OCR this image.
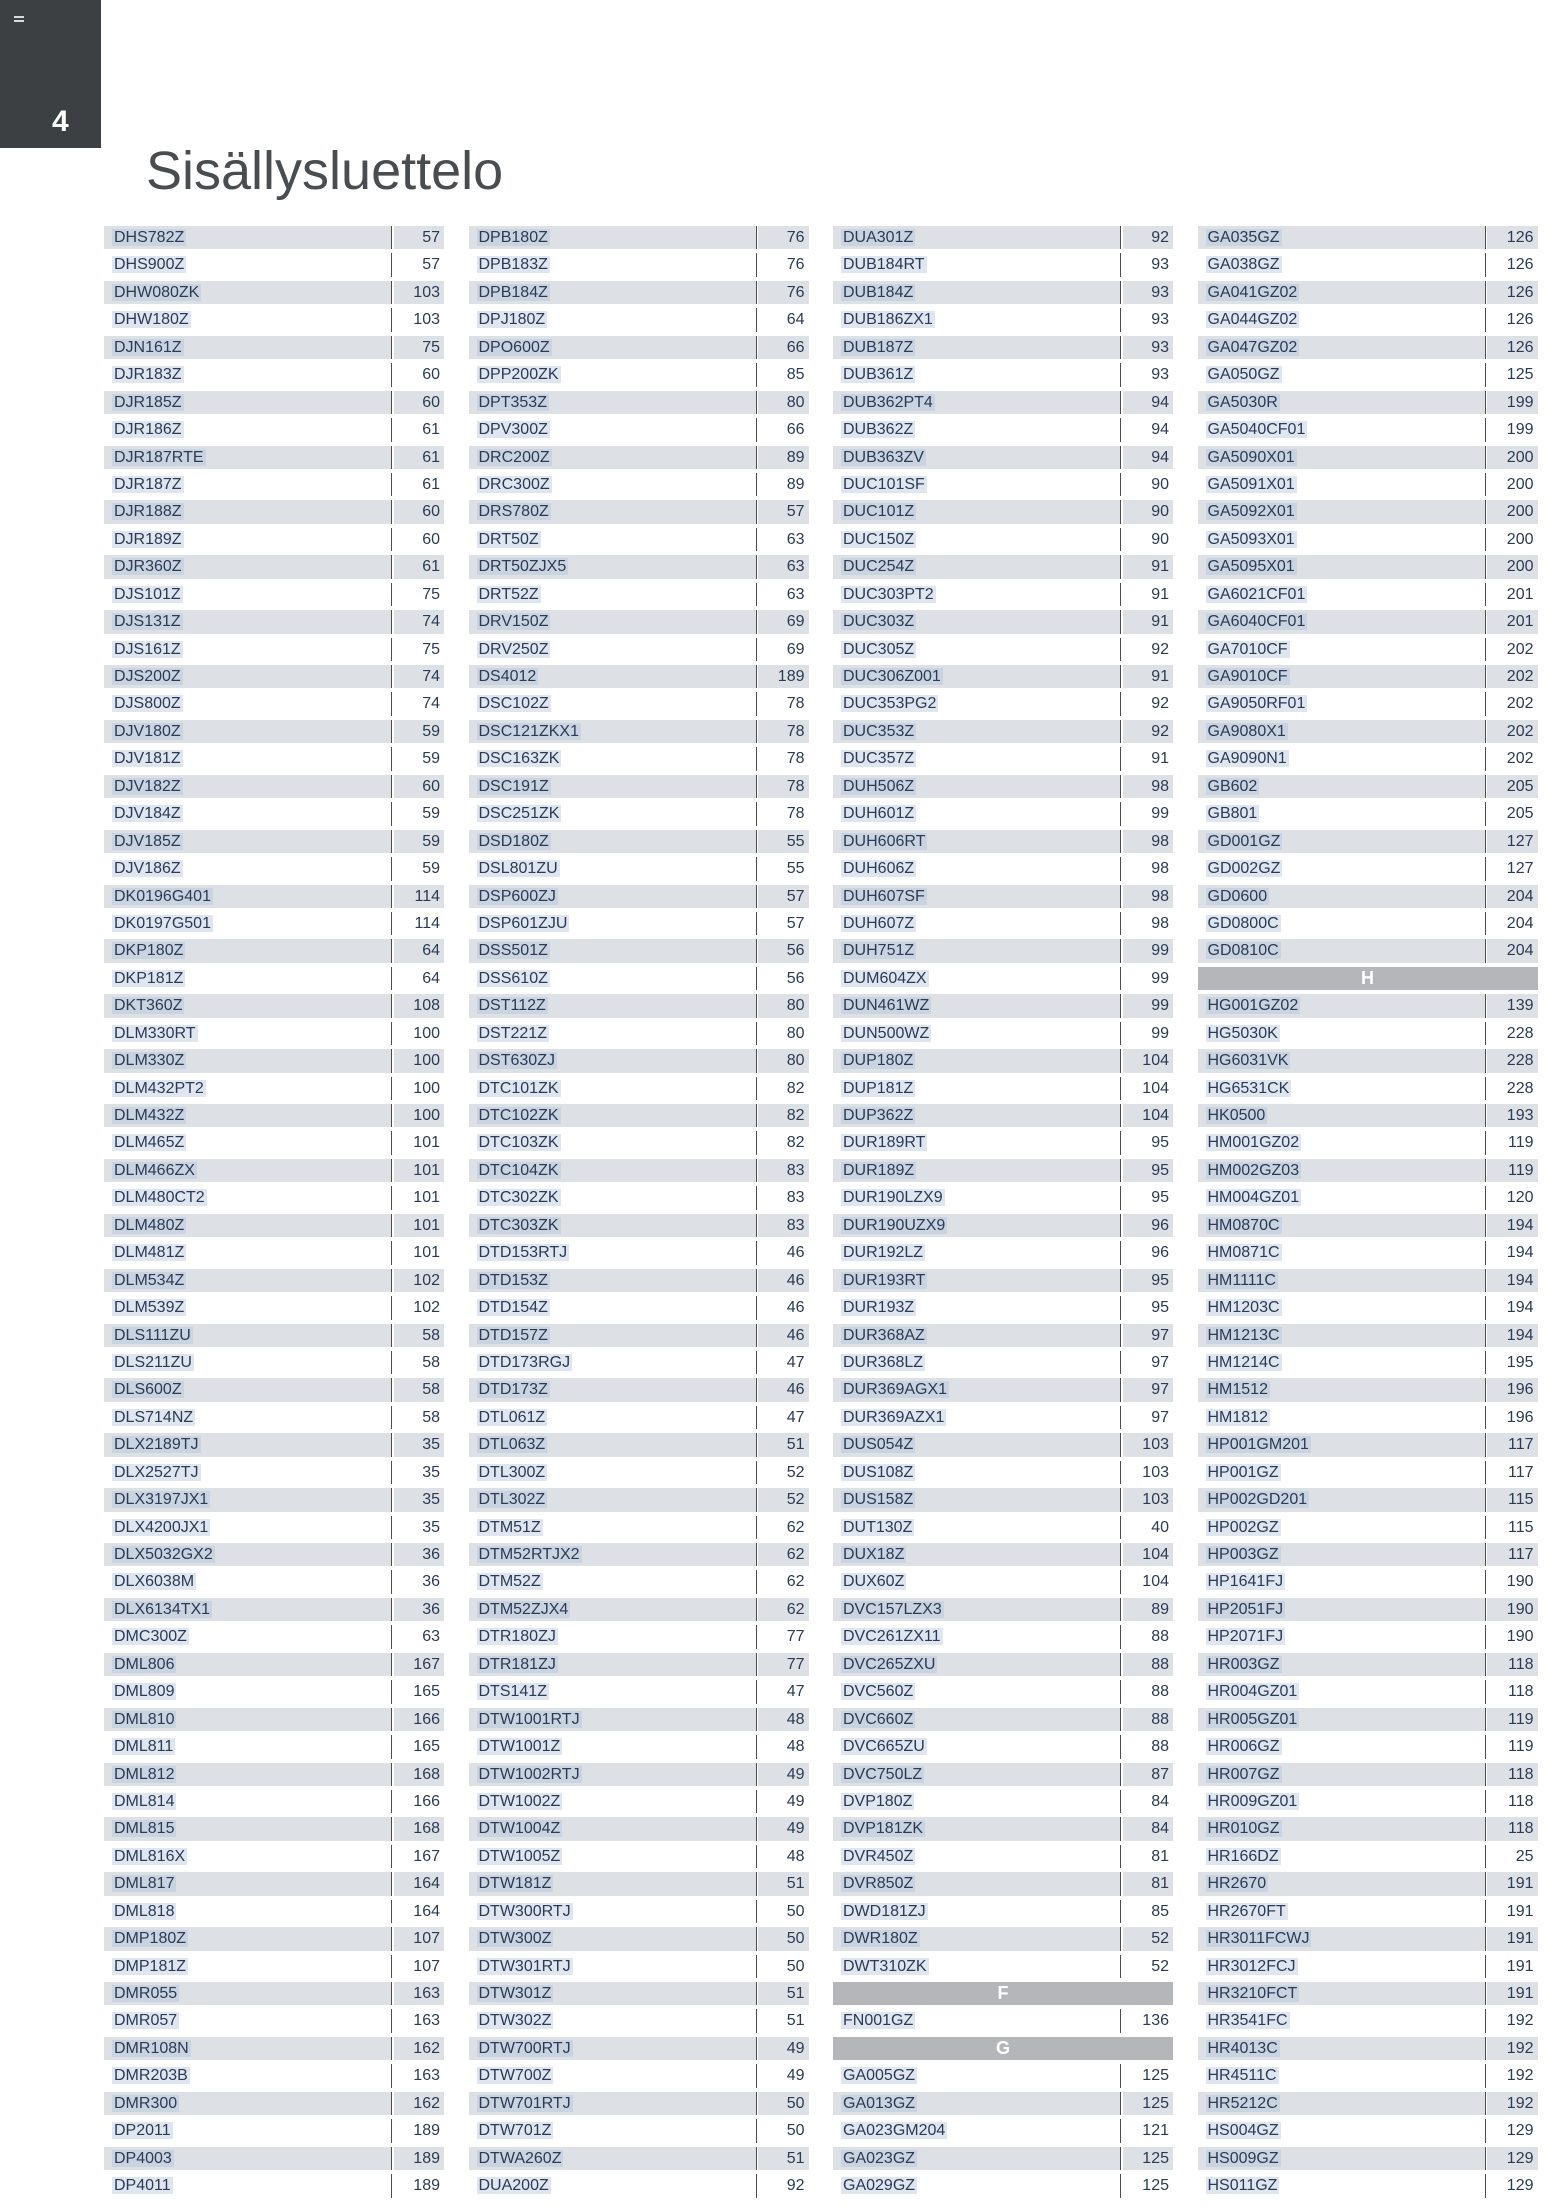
4
Sisällysluettelo
DHS782Z	57
DHS900Z	57
DHW080ZK	103
DHW180Z	103
DJN161Z	75
DJR183Z	60
DJR185Z	60
DJR186Z	61
DJR187RTE	61
DJR187Z	61
DJR188Z	60
DJR189Z	60
DJR360Z	61
DJS101Z	75
DJS131Z	74
DJS161Z	75
DJS200Z	74
DJS800Z	74
DJV180Z	59
DJV181Z	59
DJV182Z	60
DJV184Z	59
DJV185Z	59
DJV186Z	59
DK0196G401	114
DK0197G501	114
DKP180Z	64
DKP181Z	64
DKT360Z	108
DLM330RT	100
DLM330Z	100
DLM432PT2	100
DLM432Z	100
DLM465Z	101
DLM466ZX	101
DLM480CT2	101
DLM480Z	101
DLM481Z	101
DLM534Z	102
DLM539Z	102
DLS111ZU	58
DLS211ZU	58
DLS600Z	58
DLS714NZ	58
DLX2189TJ	35
DLX2527TJ	35
DLX3197JX1	35
DLX4200JX1	35
DLX5032GX2	36
DLX6038M	36
DLX6134TX1	36
DMC300Z	63
DML806	167
DML809	165
DML810	166
DML811	165
DML812	168
DML814	166
DML815	168
DML816X	167
DML817	164
DML818	164
DMP180Z	107
DMP181Z	107
DMR055	163
DMR057	163
DMR108N	162
DMR203B	163
DMR300	162
DP2011	189
DP4003	189
DP4011	189
DPB180Z	76
DPB183Z	76
DPB184Z	76
DPJ180Z	64
DPO600Z	66
DPP200ZK	85
DPT353Z	80
DPV300Z	66
DRC200Z	89
DRC300Z	89
DRS780Z	57
DRT50Z	63
DRT50ZJX5	63
DRT52Z	63
DRV150Z	69
DRV250Z	69
DS4012	189
DSC102Z	78
DSC121ZKX1	78
DSC163ZK	78
DSC191Z	78
DSC251ZK	78
DSD180Z	55
DSL801ZU	55
DSP600ZJ	57
DSP601ZJU	57
DSS501Z	56
DSS610Z	56
DST112Z	80
DST221Z	80
DST630ZJ	80
DTC101ZK	82
DTC102ZK	82
DTC103ZK	82
DTC104ZK	83
DTC302ZK	83
DTC303ZK	83
DTD153RTJ	46
DTD153Z	46
DTD154Z	46
DTD157Z	46
DTD173RGJ	47
DTD173Z	46
DTL061Z	47
DTL063Z	51
DTL300Z	52
DTL302Z	52
DTM51Z	62
DTM52RTJX2	62
DTM52Z	62
DTM52ZJX4	62
DTR180ZJ	77
DTR181ZJ	77
DTS141Z	47
DTW1001RTJ	48
DTW1001Z	48
DTW1002RTJ	49
DTW1002Z	49
DTW1004Z	49
DTW1005Z	48
DTW181Z	51
DTW300RTJ	50
DTW300Z	50
DTW301RTJ	50
DTW301Z	51
DTW302Z	51
DTW700RTJ	49
DTW700Z	49
DTW701RTJ	50
DTW701Z	50
DTWA260Z	51
DUA200Z	92
DUA301Z	92
DUB184RT	93
DUB184Z	93
DUB186ZX1	93
DUB187Z	93
DUB361Z	93
DUB362PT4	94
DUB362Z	94
DUB363ZV	94
DUC101SF	90
DUC101Z	90
DUC150Z	90
DUC254Z	91
DUC303PT2	91
DUC303Z	91
DUC305Z	92
DUC306Z001	91
DUC353PG2	92
DUC353Z	92
DUC357Z	91
DUH506Z	98
DUH601Z	99
DUH606RT	98
DUH606Z	98
DUH607SF	98
DUH607Z	98
DUH751Z	99
DUM604ZX	99
DUN461WZ	99
DUN500WZ	99
DUP180Z	104
DUP181Z	104
DUP362Z	104
DUR189RT	95
DUR189Z	95
DUR190LZX9	95
DUR190UZX9	96
DUR192LZ	96
DUR193RT	95
DUR193Z	95
DUR368AZ	97
DUR368LZ	97
DUR369AGX1	97
DUR369AZX1	97
DUS054Z	103
DUS108Z	103
DUS158Z	103
DUT130Z	40
DUX18Z	104
DUX60Z	104
DVC157LZX3	89
DVC261ZX11	88
DVC265ZXU	88
DVC560Z	88
DVC660Z	88
DVC665ZU	88
DVC750LZ	87
DVP180Z	84
DVP181ZK	84
DVR450Z	81
DVR850Z	81
DWD181ZJ	85
DWR180Z	52
DWT310ZK	52
F
FN001GZ	136
G
GA005GZ	125
GA013GZ	125
GA023GM204	121
GA023GZ	125
GA029GZ	125
GA035GZ	126
GA038GZ	126
GA041GZ02	126
GA044GZ02	126
GA047GZ02	126
GA050GZ	125
GA5030R	199
GA5040CF01	199
GA5090X01	200
GA5091X01	200
GA5092X01	200
GA5093X01	200
GA5095X01	200
GA6021CF01	201
GA6040CF01	201
GA7010CF	202
GA9010CF	202
GA9050RF01	202
GA9080X1	202
GA9090N1	202
GB602	205
GB801	205
GD001GZ	127
GD002GZ	127
GD0600	204
GD0800C	204
GD0810C	204
H
HG001GZ02	139
HG5030K	228
HG6031VK	228
HG6531CK	228
HK0500	193
HM001GZ02	119
HM002GZ03	119
HM004GZ01	120
HM0870C	194
HM0871C	194
HM1111C	194
HM1203C	194
HM1213C	194
HM1214C	195
HM1512	196
HM1812	196
HP001GM201	117
HP001GZ	117
HP002GD201	115
HP002GZ	115
HP003GZ	117
HP1641FJ	190
HP2051FJ	190
HP2071FJ	190
HR003GZ	118
HR004GZ01	118
HR005GZ01	119
HR006GZ	119
HR007GZ	118
HR009GZ01	118
HR010GZ	118
HR166DZ	25
HR2670	191
HR2670FT	191
HR3011FCWJ	191
HR3012FCJ	191
HR3210FCT	191
HR3541FC	192
HR4013C	192
HR4511C	192
HR5212C	192
HS004GZ	129
HS009GZ	129
HS011GZ	129
